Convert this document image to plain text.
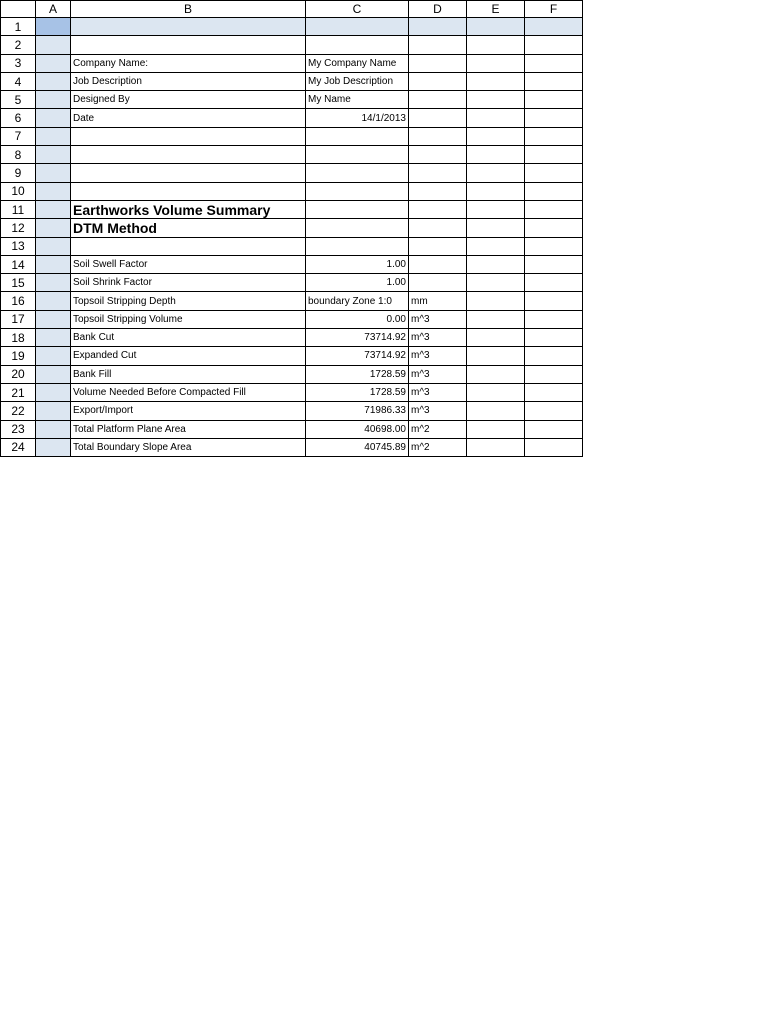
	A	B	C	D	E	F
1						
2						
3		Company Name:	My Company Name			
4		Job Description	My Job Description			
5		Designed By	My Name			
6		Date	14/1/2013			
7						
8						
9						
10						
11		Earthworks Volume Summary				
12		DTM Method				
13						
14		Soil Swell Factor	1.00			
15		Soil Shrink Factor	1.00			
16		Topsoil Stripping Depth	boundary Zone 1:0	mm		
17		Topsoil Stripping Volume	0.00	m^3		
18		Bank Cut	73714.92	m^3		
19		Expanded Cut	73714.92	m^3		
20		Bank Fill	1728.59	m^3		
21		Volume Needed Before Compacted Fill	1728.59	m^3		
22		Export/Import	71986.33	m^3		
23		Total Platform Plane Area	40698.00	m^2		
24		Total Boundary Slope Area	40745.89	m^2		
